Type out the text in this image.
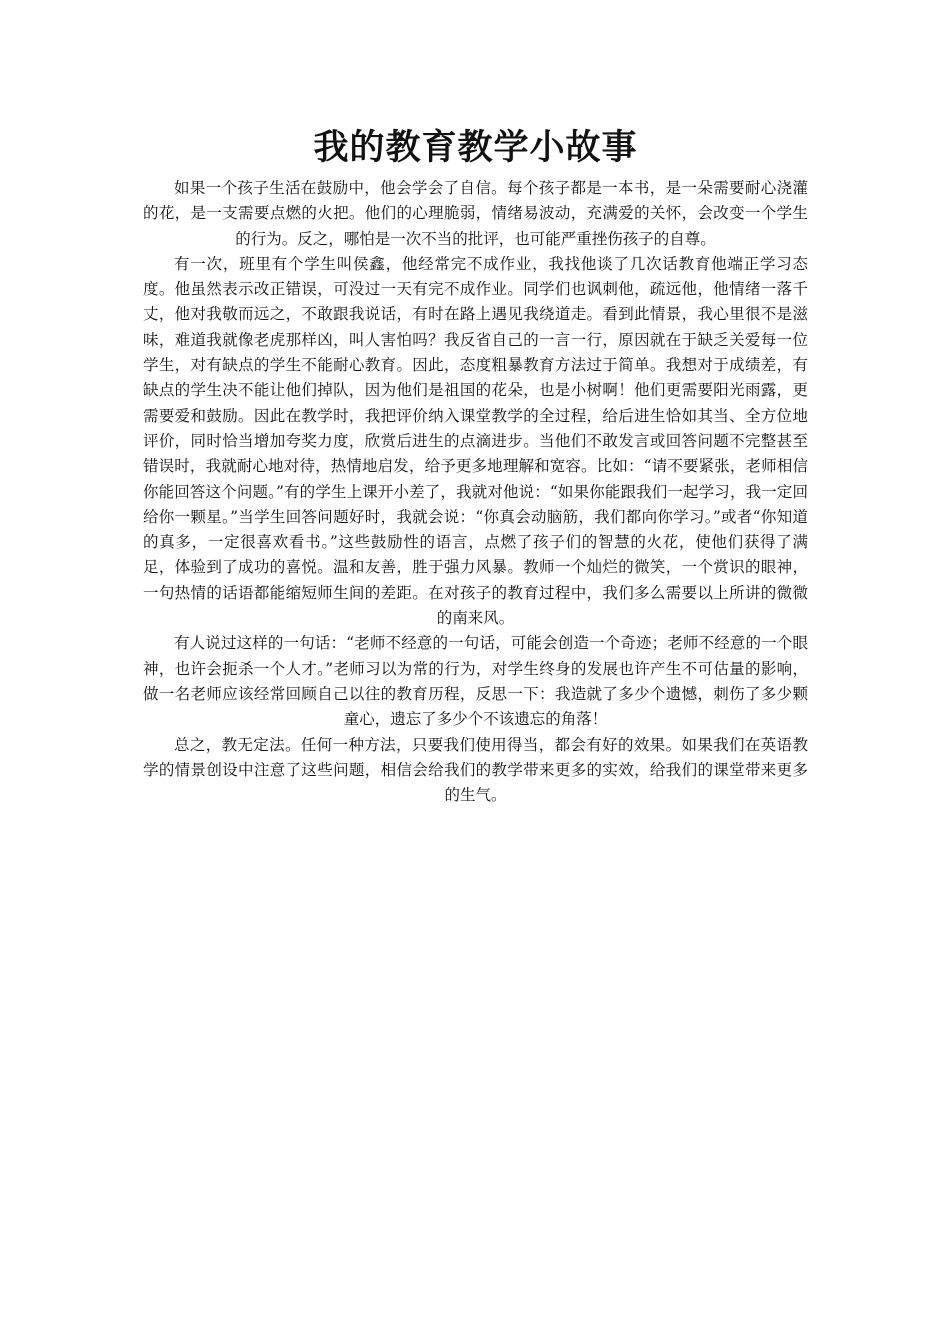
我的教育教学小故事

如果一个孩子生活在鼓励中，他会学会了自信。每个孩子都是一本书，是一朵需要耐心浇灌的花，是一支需要点燃的火把。他们的心理脆弱，情绪易波动，充满爱的关怀，会改变一个学生的行为。反之，哪怕是一次不当的批评，也可能严重挫伤孩子的自尊。

有一次，班里有个学生叫侯鑫，他经常完不成作业，我找他谈了几次话教育他端正学习态度。他虽然表示改正错误，可没过一天有完不成作业。同学们也讽刺他，疏远他，他情绪一落千丈，他对我敬而远之，不敢跟我说话，有时在路上遇见我绕道走。看到此情景，我心里很不是滋味，难道我就像老虎那样凶，叫人害怕吗？我反省自己的一言一行，原因就在于缺乏关爱每一位学生，对有缺点的学生不能耐心教育。因此，态度粗暴教育方法过于简单。我想对于成绩差，有缺点的学生决不能让他们掉队，因为他们是祖国的花朵，也是小树啊！他们更需要阳光雨露，更需要爱和鼓励。因此在教学时，我把评价纳入课堂教学的全过程，给后进生恰如其当、全方位地评价，同时恰当增加夸奖力度，欣赏后进生的点滴进步。当他们不敢发言或回答问题不完整甚至错误时，我就耐心地对待，热情地启发，给予更多地理解和宽容。比如：“请不要紧张，老师相信你能回答这个问题。”有的学生上课开小差了，我就对他说：“如果你能跟我们一起学习，我一定回给你一颗星。”当学生回答问题好时，我就会说：“你真会动脑筋，我们都向你学习。”或者“你知道的真多，一定很喜欢看书。”这些鼓励性的语言，点燃了孩子们的智慧的火花，使他们获得了满足，体验到了成功的喜悦。温和友善，胜于强力风暴。教师一个灿烂的微笑，一个赏识的眼神，一句热情的话语都能缩短师生间的差距。在对孩子的教育过程中，我们多么需要以上所讲的微微的南来风。

有人说过这样的一句话：“老师不经意的一句话，可能会创造一个奇迹；老师不经意的一个眼神，也许会扼杀一个人才。”老师习以为常的行为，对学生终身的发展也许产生不可估量的影响，做一名老师应该经常回顾自己以往的教育历程，反思一下：我造就了多少个遗憾，刺伤了多少颗童心，遗忘了多少个不该遗忘的角落！

总之，教无定法。任何一种方法，只要我们使用得当，都会有好的效果。如果我们在英语教学的情景创设中注意了这些问题，相信会给我们的教学带来更多的实效，给我们的课堂带来更多的生气。
